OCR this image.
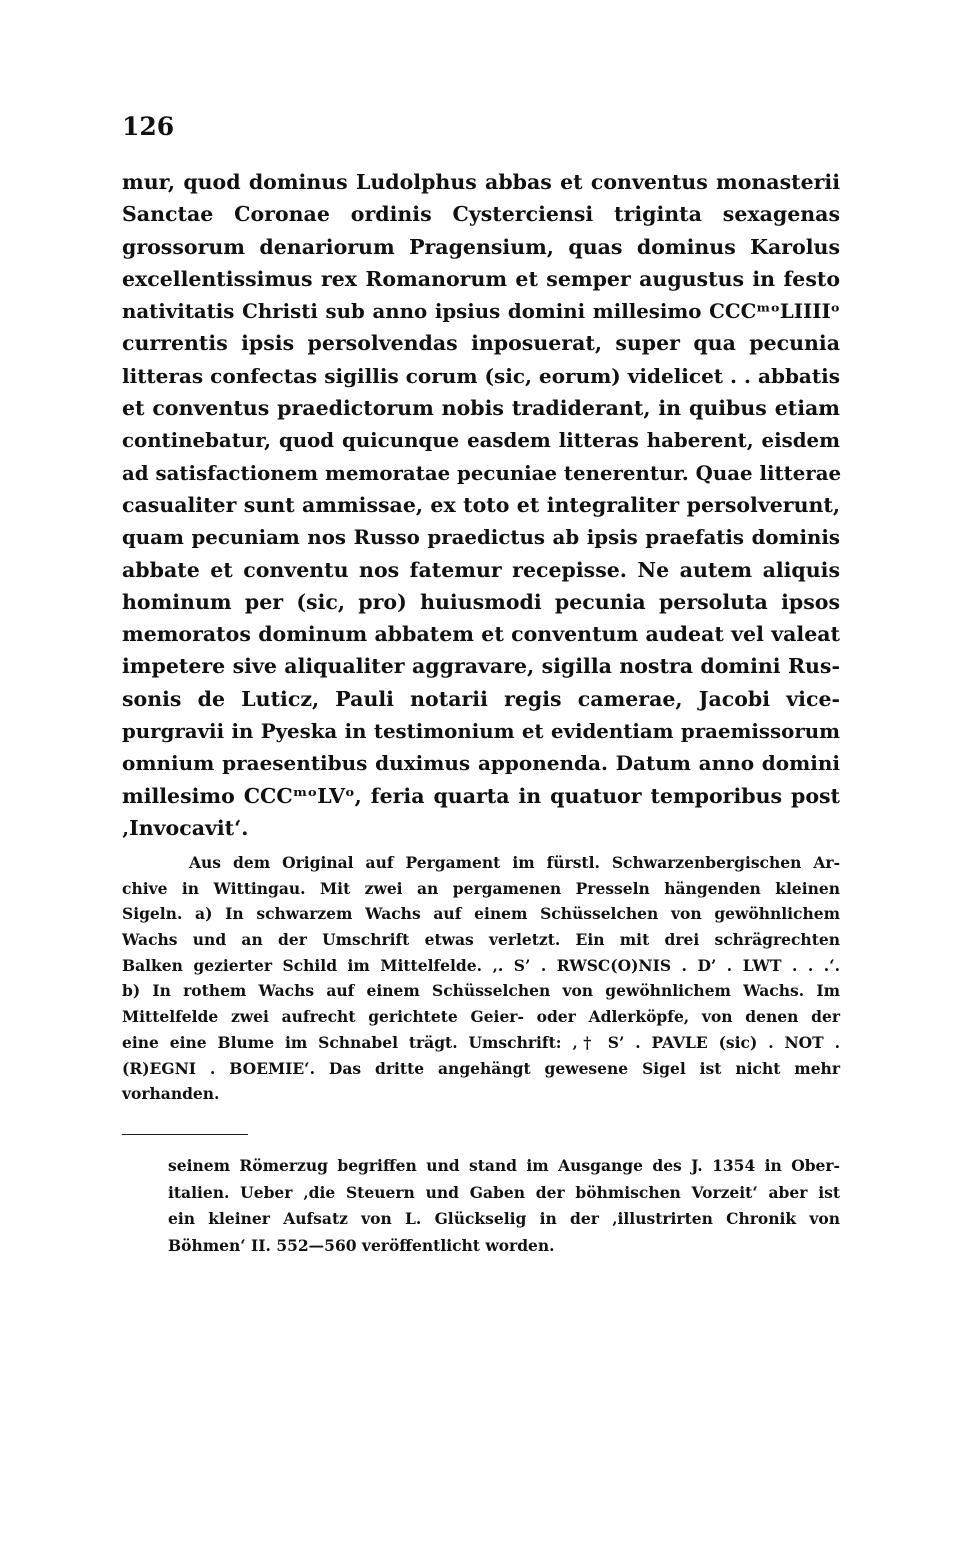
126
mur, quod dominus Ludolphus abbas et conventus monasterii
Sanctae Coronae ordinis Cysterciensi triginta sexagenas
grossorum denariorum Pragensium, quas dominus Karolus
excellentissimus rex Romanorum et semper augustus in festo
nativitatis Christi sub anno ipsius domini millesimo CCCᵐᵒLIIIIᵒ
currentis ipsis persolvendas inposuerat, super qua pecunia
litteras confectas sigillis corum (sic, eorum) videlicet . . abbatis
et conventus praedictorum nobis tradiderant, in quibus etiam
continebatur, quod quicunque easdem litteras haberent, eisdem
ad satisfactionem memoratae pecuniae tenerentur. Quae litterae
casualiter sunt ammissae, ex toto et integraliter persolverunt,
quam pecuniam nos Russo praedictus ab ipsis praefatis dominis
abbate et conventu nos fatemur recepisse. Ne autem aliquis
hominum per (sic, pro) huiusmodi pecunia persoluta ipsos
memoratos dominum abbatem et conventum audeat vel valeat
impetere sive aliqualiter aggravare, sigilla nostra domini Rus-
sonis de Luticz, Pauli notarii regis camerae, Jacobi vice-
purgravii in Pyeska in testimonium et evidentiam praemissorum
omnium praesentibus duximus apponenda. Datum anno domini
millesimo CCCᵐᵒLVᵒ, feria quarta in quatuor temporibus post
‚Invocavit‘.
Aus dem Original auf Pergament im fürstl. Schwarzenbergischen Ar-
chive in Wittingau. Mit zwei an pergamenen Presseln hängenden kleinen
Sigeln. a) In schwarzem Wachs auf einem Schüsselchen von gewöhnlichem
Wachs und an der Umschrift etwas verletzt. Ein mit drei schrägrechten
Balken gezierter Schild im Mittelfelde. ‚. S’ . RWSC(O)NIS . D’ . LWT . . .‘.
b) In rothem Wachs auf einem Schüsselchen von gewöhnlichem Wachs. Im
Mittelfelde zwei aufrecht gerichtete Geier- oder Adlerköpfe, von denen der
eine eine Blume im Schnabel trägt. Umschrift: ‚† S’ . PAVLE (sic) . NOT .
(R)EGNI . BOEMIE‘. Das dritte angehängt gewesene Sigel ist nicht mehr
vorhanden.
seinem Römerzug begriffen und stand im Ausgange des J. 1354 in Ober-
italien. Ueber ‚die Steuern und Gaben der böhmischen Vorzeit‘ aber ist
ein kleiner Aufsatz von L. Glückselig in der ‚illustrirten Chronik von
Böhmen‘ II. 552—560 veröffentlicht worden.
